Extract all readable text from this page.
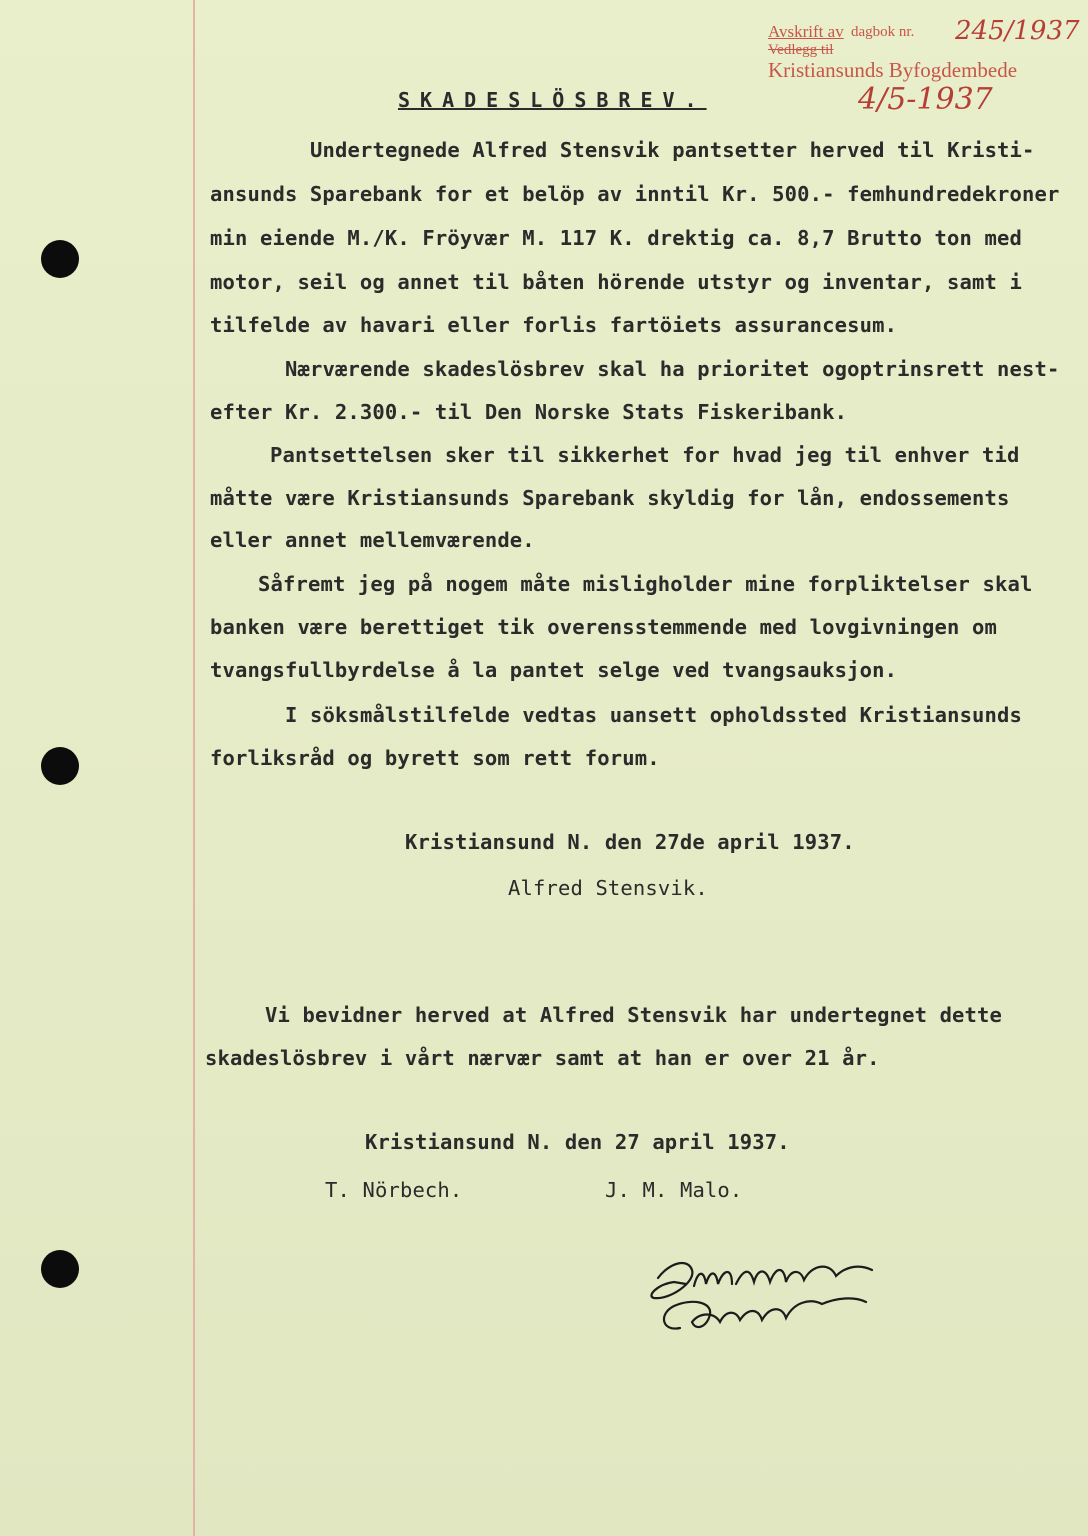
Avskrift av dagbok nr.
Vedlegg til
Kristiansunds Byfogdembede
245/1937
4/5-1937
SKADESLÖSBREV.
Undertegnede Alfred Stensvik pantsetter herved til Kristi-
ansunds Sparebank for et belöp av inntil Kr. 500.- femhundredekroner
min eiende M./K. Fröyvær M. 117 K. drektig ca. 8,7 Brutto ton med
motor, seil og annet til båten hörende utstyr og inventar, samt i
tilfelde av havari eller forlis fartöiets assurancesum.
Nærværende skadeslösbrev skal ha prioritet ogoptrinsrett nest-
efter Kr. 2.300.- til Den Norske Stats Fiskeribank.
Pantsettelsen sker til sikkerhet for hvad jeg til enhver tid
måtte være Kristiansunds Sparebank skyldig for lån, endossements
eller annet mellemværende.
Såfremt jeg på nogem måte misligholder mine forpliktelser skal
banken være berettiget tik overensstemmende med lovgivningen om
tvangsfullbyrdelse å la pantet selge ved tvangsauksjon.
I söksmålstilfelde vedtas uansett opholdssted Kristiansunds
forliksråd og byrett som rett forum.
Kristiansund N. den 27de april 1937.
Alfred Stensvik.
Vi bevidner herved at Alfred Stensvik har undertegnet dette
skadeslösbrev i vårt nærvær samt at han er over 21 år.
Kristiansund N. den 27 april 1937.
T. Nörbech.	J. M. Malo.
